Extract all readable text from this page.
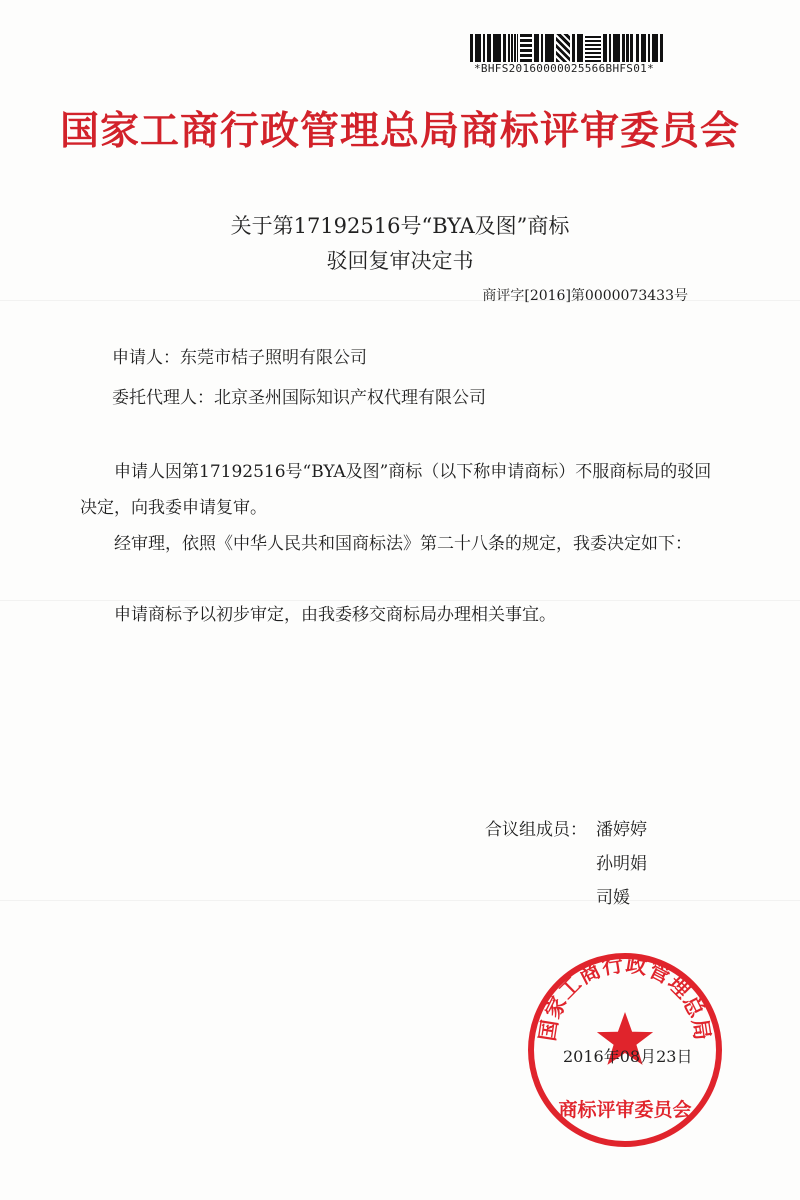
*BHFS20160000025566BHFS01*
国家工商行政管理总局商标评审委员会
关于第17192516号“BYA及图”商标
驳回复审决定书
商评字[2016]第0000073433号
申请人：东莞市桔子照明有限公司
委托代理人：北京圣州国际知识产权代理有限公司
申请人因第17192516号“BYA及图”商标（以下称申请商标）不服商标局的驳回决定，向我委申请复审。
经审理，依照《中华人民共和国商标法》第二十八条的规定，我委决定如下：
申请商标予以初步审定，由我委移交商标局办理相关事宜。
合议组成员： 潘婷婷
孙明娟
司媛
国家工商行政管理总局
商标评审委员会
2016年08月23日
